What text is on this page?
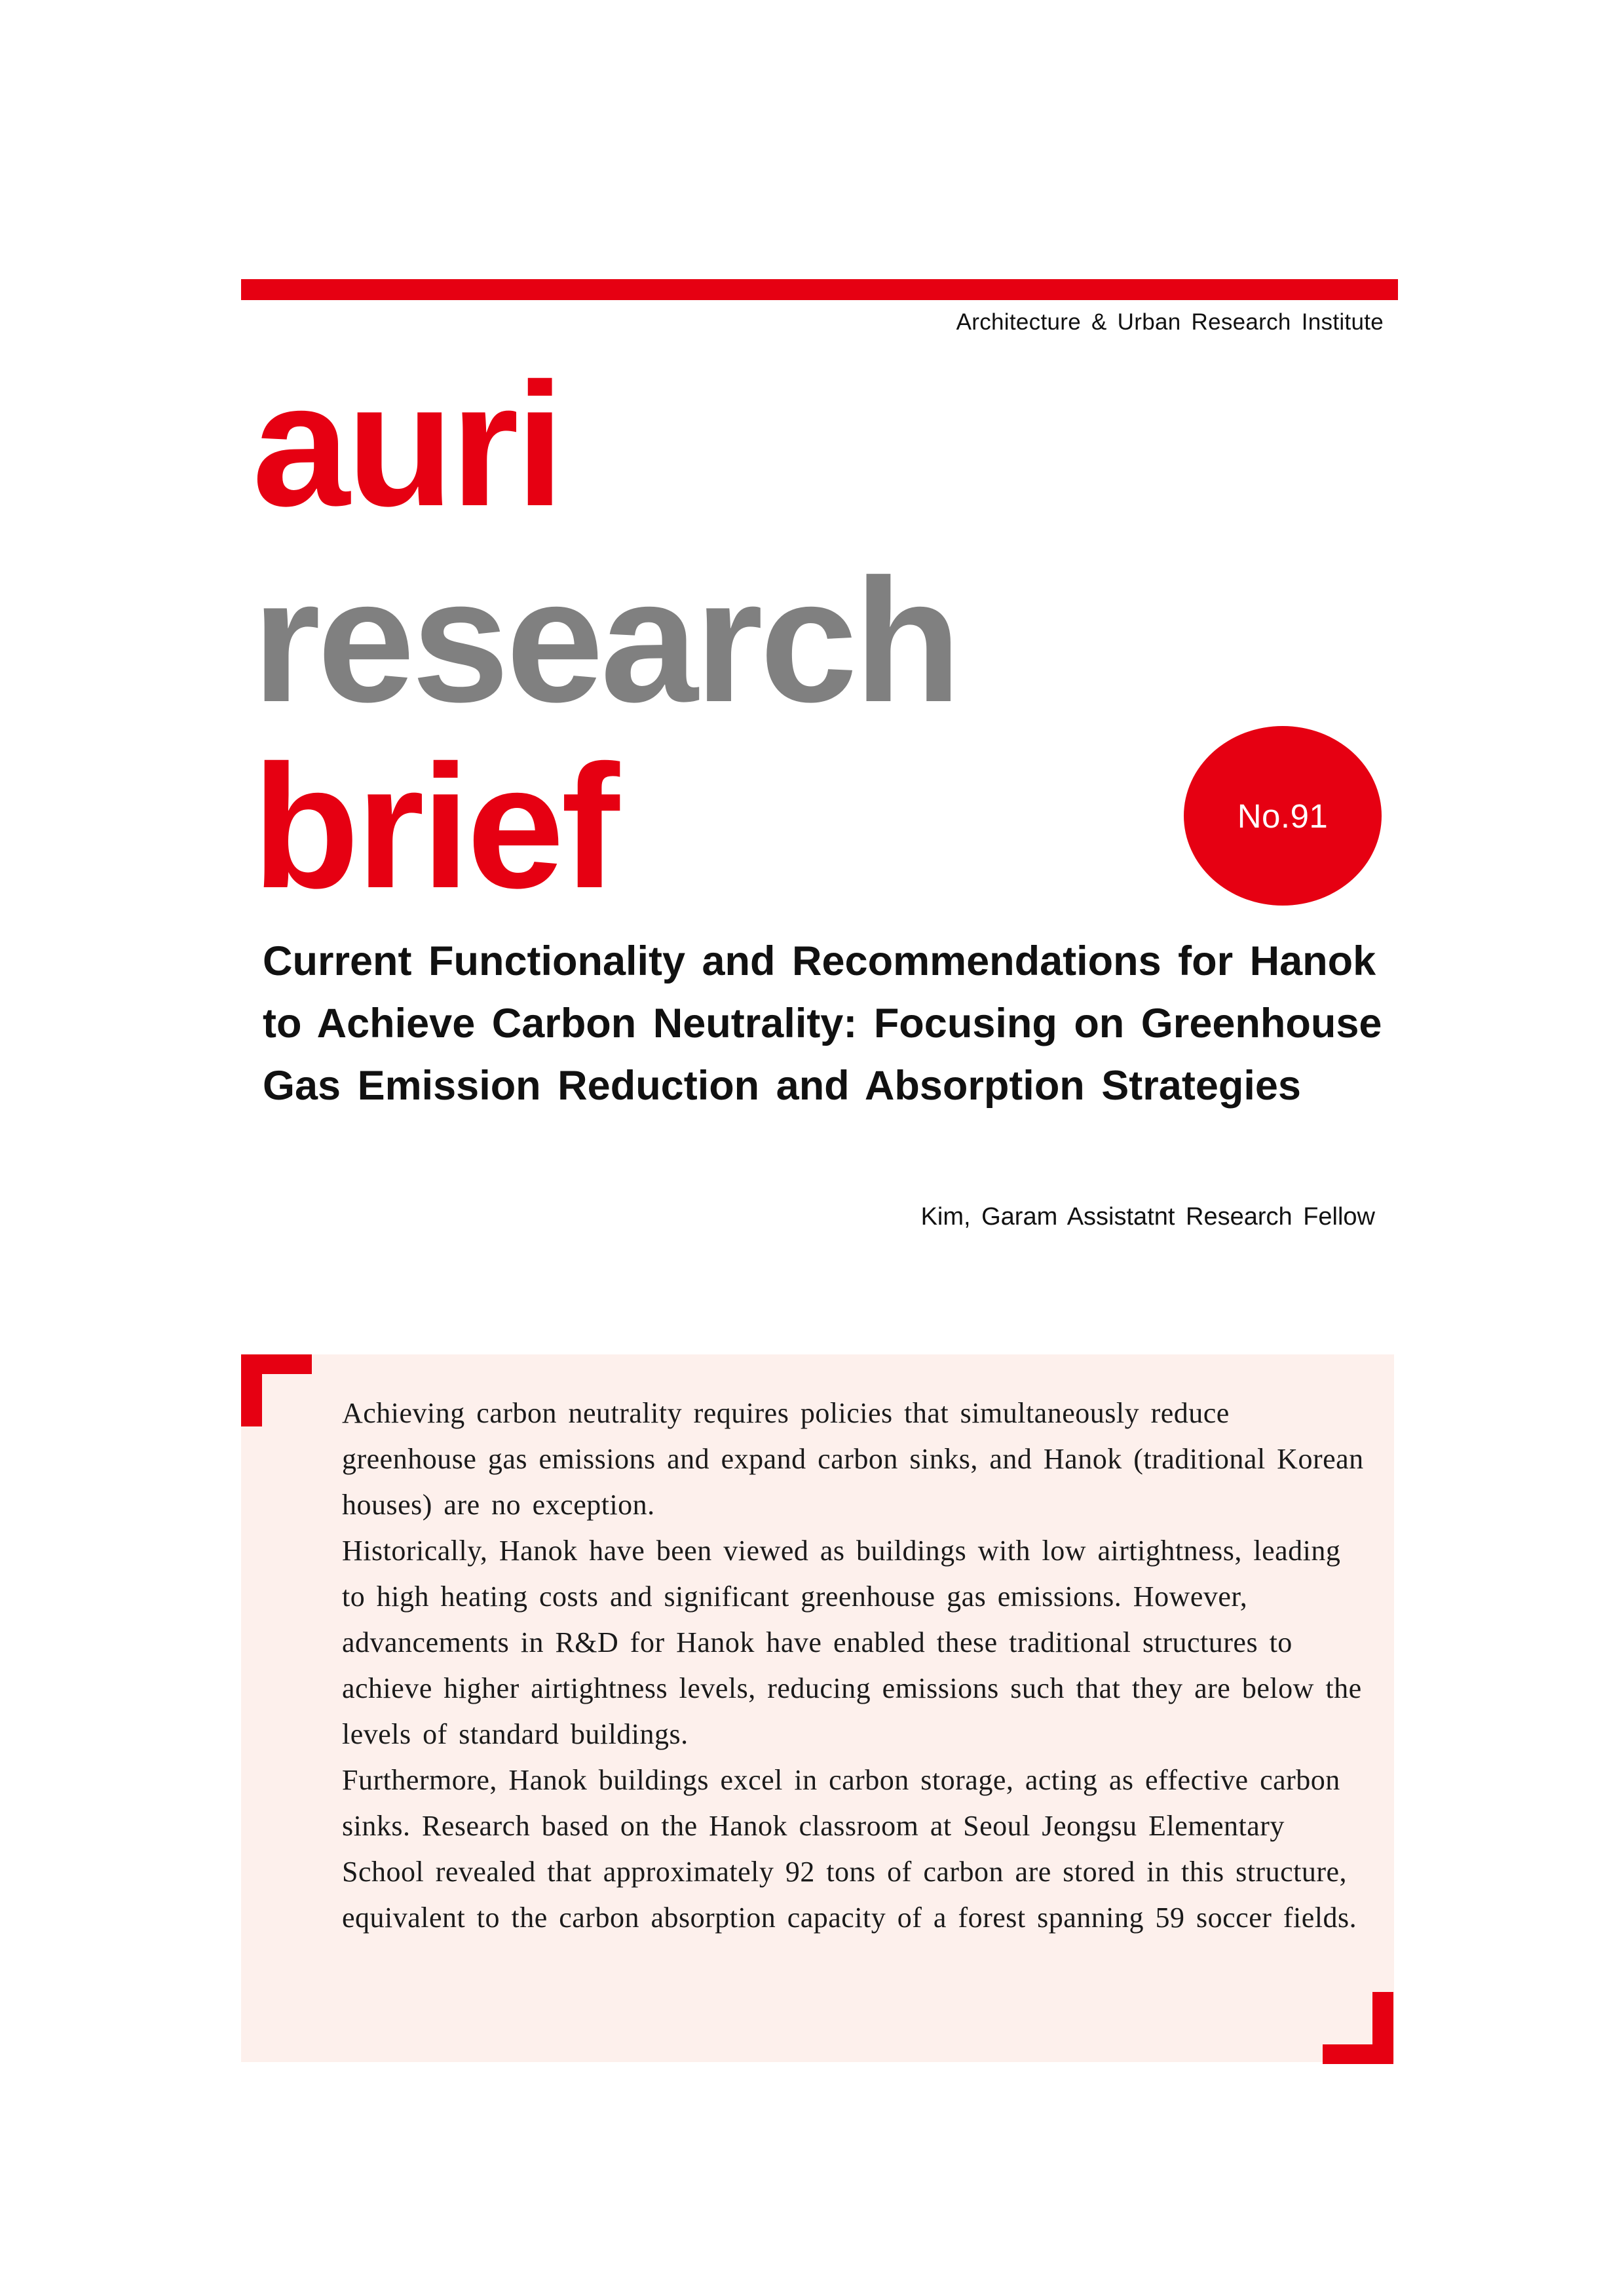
Architecture & Urban Research Institute
auri
research
brief	No.91
Current Functionality and Recommendations for Hanok to Achieve Carbon Neutrality: Focusing on Greenhouse Gas Emission Reduction and Absorption Strategies
Kim, Garam Assistatnt Research Fellow

Achieving carbon neutrality requires policies that simultaneously reduce greenhouse gas emissions and expand carbon sinks, and Hanok (traditional Korean houses) are no exception.

Historically, Hanok have been viewed as buildings with low airtightness, leading to high heating costs and significant greenhouse gas emissions. However, advancements in R&D for Hanok have enabled these traditional structures to achieve higher airtightness levels, reducing emissions such that they are below the levels of standard buildings.

Furthermore, Hanok buildings excel in carbon storage, acting as effective carbon sinks. Research based on the Hanok classroom at Seoul Jeongsu Elementary School revealed that approximately 92 tons of carbon are stored in this structure, equivalent to the carbon absorption capacity of a forest spanning 59 soccer fields.
